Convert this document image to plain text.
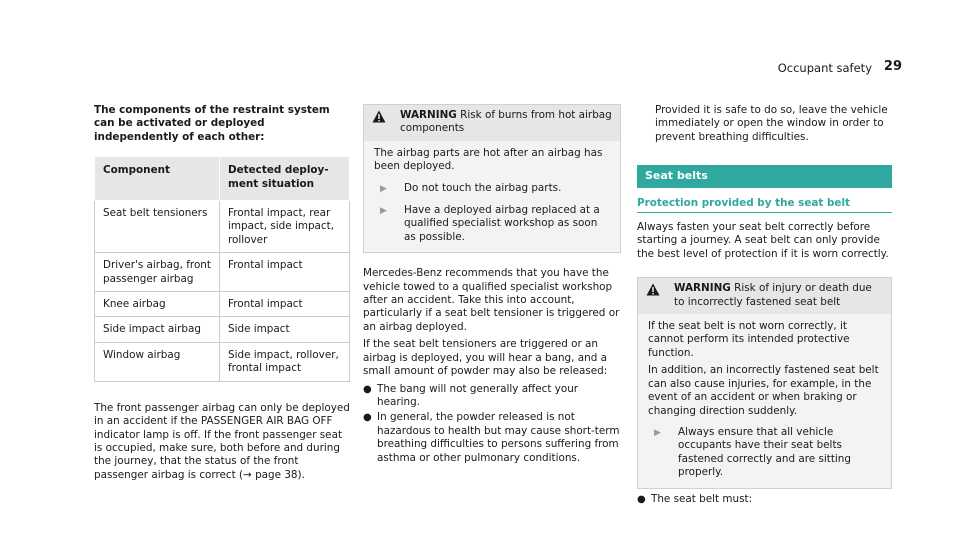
Occupant safety 29

The components of the restraint system can be activated or deployed independently of each other:

Component	Detected deploy-ment situation
Seat belt tensioners	Frontal impact, rear impact, side impact, rollover
Driver's airbag, front passenger airbag	Frontal impact
Knee airbag	Frontal impact
Side impact airbag	Side impact
Window airbag	Side impact, rollover, frontal impact

The front passenger airbag can only be deployed in an accident if the PASSENGER AIR BAG OFF indicator lamp is off. If the front passenger seat is occupied, make sure, both before and during the journey, that the status of the front passenger airbag is correct (→ page 38).

WARNING Risk of burns from hot airbag components

The airbag parts are hot after an airbag has been deployed.

▶	Do not touch the airbag parts.
▶	Have a deployed airbag replaced at a qualified specialist workshop as soon as possible.

Mercedes-Benz recommends that you have the vehicle towed to a qualified specialist workshop after an accident. Take this into account, particularly if a seat belt tensioner is triggered or an airbag deployed.

If the seat belt tensioners are triggered or an airbag is deployed, you will hear a bang, and a small amount of powder may also be released:

● The bang will not generally affect your hearing.
● In general, the powder released is not hazardous to health but may cause short-term breathing difficulties to persons suffering from asthma or other pulmonary conditions.

Provided it is safe to do so, leave the vehicle immediately or open the window in order to prevent breathing difficulties.

Seat belts
Protection provided by the seat belt

Always fasten your seat belt correctly before starting a journey. A seat belt can only provide the best level of protection if it is worn correctly.

WARNING Risk of injury or death due to incorrectly fastened seat belt

If the seat belt is not worn correctly, it cannot perform its intended protective function.

In addition, an incorrectly fastened seat belt can also cause injuries, for example, in the event of an accident or when braking or changing direction suddenly.

▶	Always ensure that all vehicle occupants have their seat belts fastened correctly and are sitting properly.
● The seat belt must:
